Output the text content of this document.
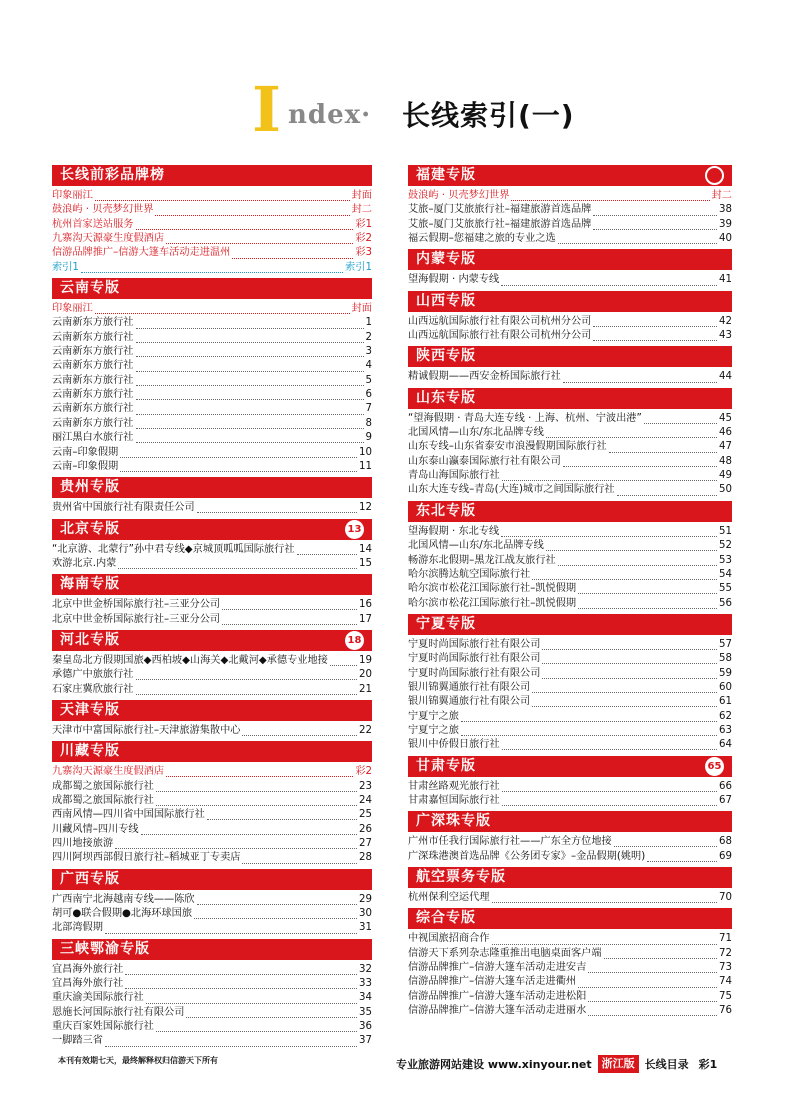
I ndex· 长线索引(一)
长线前彩品牌榜
印象丽江	封面
鼓浪屿 · 贝壳梦幻世界	封二
杭州首家送站服务	彩1
九寨沟天源豪生度假酒店	彩2
信游品牌推广–信游大篷车活动走进温州	彩3
索引1	索引1
云南专版
印象丽江	封面
云南新东方旅行社	1
云南新东方旅行社	2
云南新东方旅行社	3
云南新东方旅行社	4
云南新东方旅行社	5
云南新东方旅行社	6
云南新东方旅行社	7
云南新东方旅行社	8
丽江黑白水旅行社	9
云南–印象假期	10
云南–印象假期	11
贵州专版
贵州省中国旅行社有限责任公司	12
北京专版	13
“北京游、北蒙行”孙中君专线◆京城顶呱呱国际旅行社	14
欢游北京.内蒙	15
海南专版
北京中世金桥国际旅行社–三亚分公司	16
北京中世金桥国际旅行社–三亚分公司	17
河北专版	18
秦皇岛北方假期国旅◆西柏坡◆山海关◆北戴河◆承德专业地接	19
承德广中旅旅行社	20
石家庄冀欣旅行社	21
天津专版
天津市中富国际旅行社–天津旅游集散中心	22
川藏专版
九寨沟天源豪生度假酒店	彩2
成都蜀之旅国际旅行社	23
成都蜀之旅国际旅行社	24
西南风情—四川省中国国际旅行社	25
川藏风情–四川专线	26
四川地接旅游	27
四川阿坝西部假日旅行社–稻城亚丁专卖店	28
广西专版
广西南宁北海越南专线——陈欣	29
胡可●联合假期●北海环球国旅	30
北部湾假期	31
三峡鄂渝专版
宜昌海外旅行社	32
宜昌海外旅行社	33
重庆渝美国际旅行社	34
恩施长河国际旅行社有限公司	35
重庆百家姓国际旅行社	36
一脚踏三省	37
福建专版
鼓浪屿 · 贝壳梦幻世界	封二
艾旅–厦门艾旅旅行社–福建旅游首选品牌	38
艾旅–厦门艾旅旅行社–福建旅游首选品牌	39
福云假期–您福建之旅的专业之选	40
内蒙专版
望海假期 · 内蒙专线	41
山西专版
山西远航国际旅行社有限公司杭州分公司	42
山西远航国际旅行社有限公司杭州分公司	43
陕西专版
精诚假期——西安金桥国际旅行社	44
山东专版
“望海假期 · 青岛大连专线 · 上海、杭州、宁波出港”	45
北国风情—山东/东北品牌专线	46
山东专线–山东省泰安市浪漫假期国际旅行社	47
山东泰山瀛泰国际旅行社有限公司	48
青岛山海国际旅行社	49
山东大连专线–青岛(大连)城市之间国际旅行社	50
东北专版
望海假期 · 东北专线	51
北国风情—山东/东北品牌专线	52
畅游东北假期–黑龙江战友旅行社	53
哈尔滨腾达航空国际旅行社	54
哈尔滨市松花江国际旅行社–凯悦假期	55
哈尔滨市松花江国际旅行社–凯悦假期	56
宁夏专版
宁夏时尚国际旅行社有限公司	57
宁夏时尚国际旅行社有限公司	58
宁夏时尚国际旅行社有限公司	59
银川锦翼通旅行社有限公司	60
银川锦翼通旅行社有限公司	61
宁夏宁之旅	62
宁夏宁之旅	63
银川中侨假日旅行社	64
甘肃专版	65
甘肃丝路观光旅行社	66
甘肃嘉恒国际旅行社	67
广深珠专版
广州市任我行国际旅行社——广东全方位地接	68
广深珠港澳首选品牌《公务团专家》–金品假期(姚明)	69
航空票务专版
杭州保利空运代理	70
综合专版
中视国旅招商合作	71
信游天下系列杂志隆重推出电脑桌面客户端	72
信游品牌推广–信游大篷车活动走进安吉	73
信游品牌推广–信游大篷车活走进衢州	74
信游品牌推广–信游大篷车活动走进松阳	75
信游品牌推广–信游大篷车活动走进丽水	76
本刊有效期七天，最终解释权归信游天下所有	专业旅游网站建设 www.xinyour.net 浙江版 长线目录 彩1
